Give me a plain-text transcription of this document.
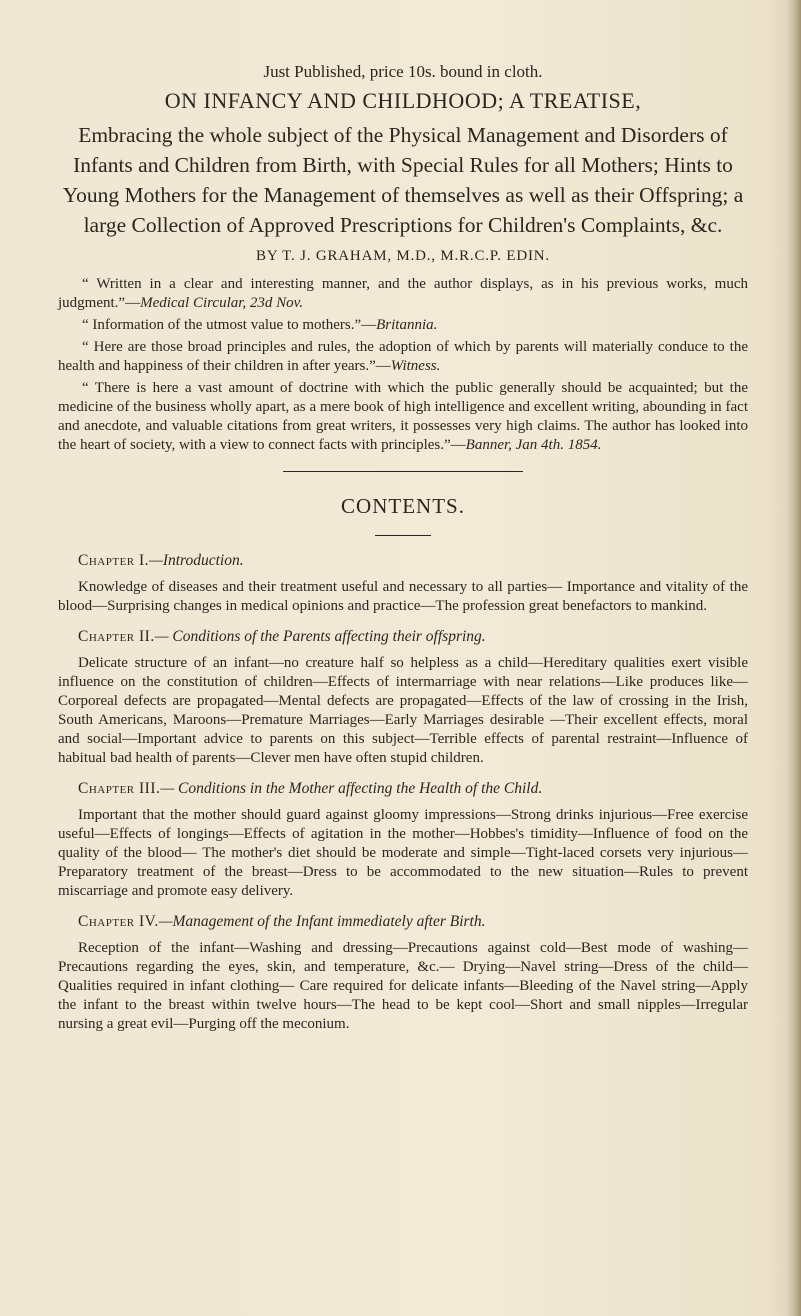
Just Published, price 10s. bound in cloth.
ON INFANCY AND CHILDHOOD; A TREATISE,
Embracing the whole subject of the Physical Management and Disorders of Infants and Children from Birth, with Special Rules for all Mothers; Hints to Young Mothers for the Management of themselves as well as their Offspring; a large Collection of Approved Prescriptions for Children's Complaints, &c.
BY T. J. GRAHAM, M.D., M.R.C.P. EDIN.

“ Written in a clear and interesting manner, and the author displays, as in his previous works, much judgment.”—Medical Circular, 23d Nov.

“ Information of the utmost value to mothers.”—Britannia.

“ Here are those broad principles and rules, the adoption of which by parents will materially conduce to the health and happiness of their children in after years.”—Witness.

“ There is here a vast amount of doctrine with which the public generally should be acquainted; but the medicine of the business wholly apart, as a mere book of high intelligence and excellent writing, abounding in fact and anecdote, and valuable citations from great writers, it possesses very high claims. The author has looked into the heart of society, with a view to connect facts with principles.”—Banner, Jan 4th. 1854.

CONTENTS.

Chapter I.—Introduction.

Knowledge of diseases and their treatment useful and necessary to all parties— Importance and vitality of the blood—Surprising changes in medical opinions and practice—The profession great benefactors to mankind.

Chapter II.— Conditions of the Parents affecting their offspring.

Delicate structure of an infant—no creature half so helpless as a child—Hereditary qualities exert visible influence on the constitution of children—Effects of intermarriage with near relations—Like produces like—Corporeal defects are propagated—Mental defects are propagated—Effects of the law of crossing in the Irish, South Americans, Maroons—Premature Marriages—Early Marriages desirable —Their excellent effects, moral and social—Important advice to parents on this subject—Terrible effects of parental restraint—Influence of habitual bad health of parents—Clever men have often stupid children.

Chapter III.— Conditions in the Mother affecting the Health of the Child.

Important that the mother should guard against gloomy impressions—Strong drinks injurious—Free exercise useful—Effects of longings—Effects of agitation in the mother—Hobbes's timidity—Influence of food on the quality of the blood— The mother's diet should be moderate and simple—Tight-laced corsets very injurious—Preparatory treatment of the breast—Dress to be accommodated to the new situation—Rules to prevent miscarriage and promote easy delivery.

Chapter IV.—Management of the Infant immediately after Birth.

Reception of the infant—Washing and dressing—Precautions against cold—Best mode of washing—Precautions regarding the eyes, skin, and temperature, &c.— Drying—Navel string—Dress of the child—Qualities required in infant clothing— Care required for delicate infants—Bleeding of the Navel string—Apply the infant to the breast within twelve hours—The head to be kept cool—Short and small nipples—Irregular nursing a great evil—Purging off the meconium.
